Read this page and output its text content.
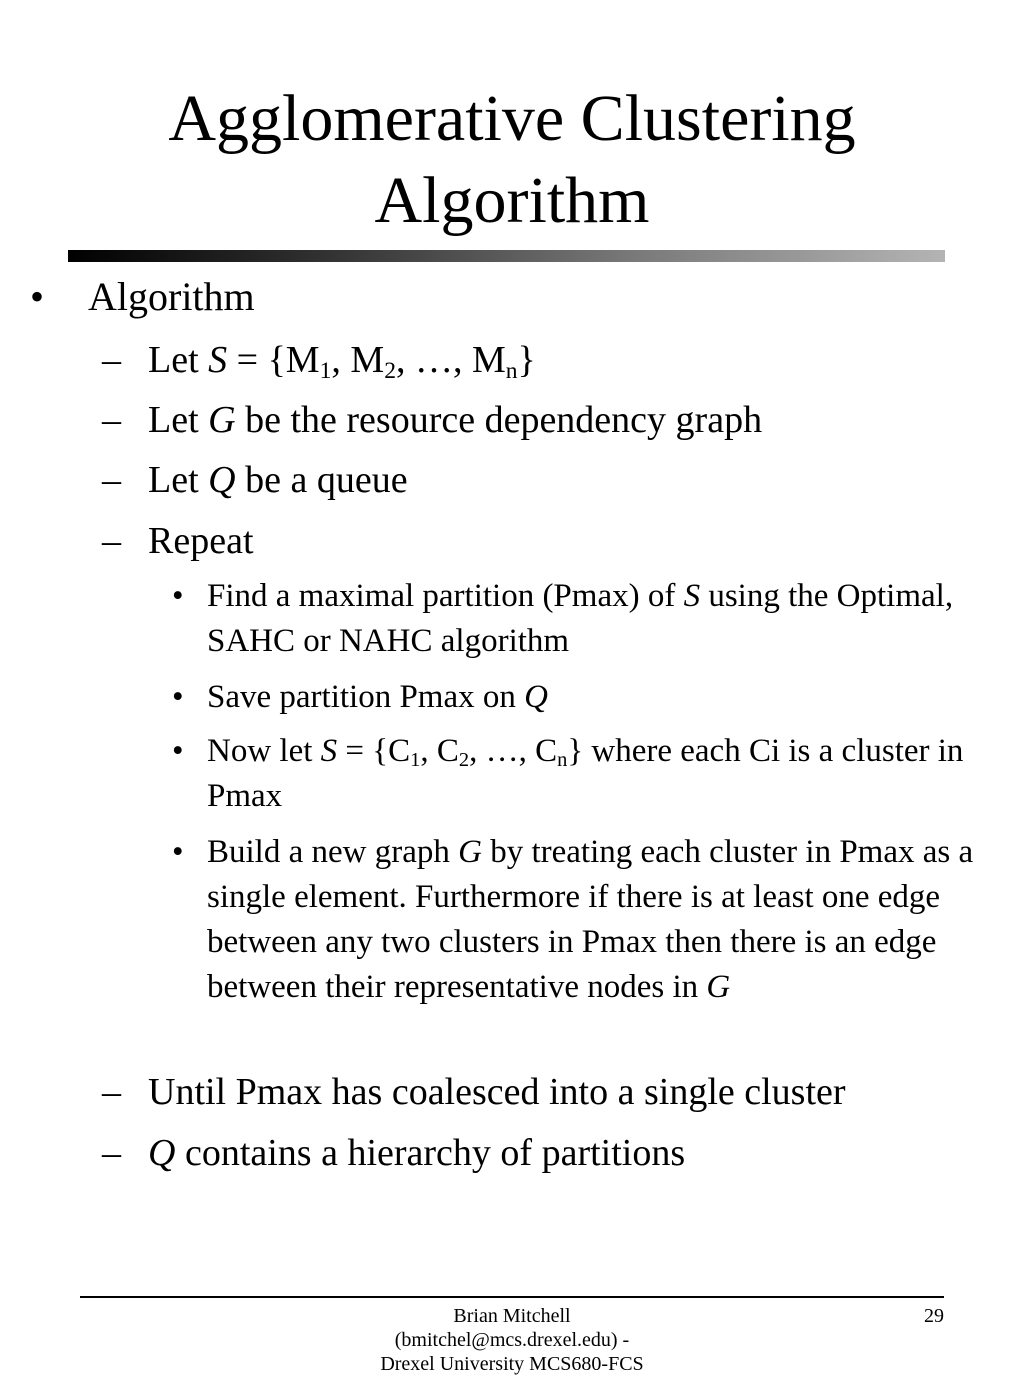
Agglomerative Clustering
Algorithm
• Algorithm
– Let $S = \{M_1$, $M_2$, …, $M_n$}
– Let G be the resource dependency graph
– Let Q be a queue
– Repeat
• Find a maximal partition (Pmax) of S using the Optimal, SAHC or NAHC algorithm
• Save partition Pmax on Q
• Now let $S = \{C_1$, $C_2$, …, $C_n$} where each Ci is a cluster in Pmax
• Build a new graph G by treating each cluster in Pmax as a single element. Furthermore if there is at least one edge between any two clusters in Pmax then there is an edge between their representative nodes in G
– Until Pmax has coalesced into a single cluster
– Q contains a hierarchy of partitions
Brian Mitchell
(bmitchel@mcs.drexel.edu) -
Drexel University MCS680-FCS
29
